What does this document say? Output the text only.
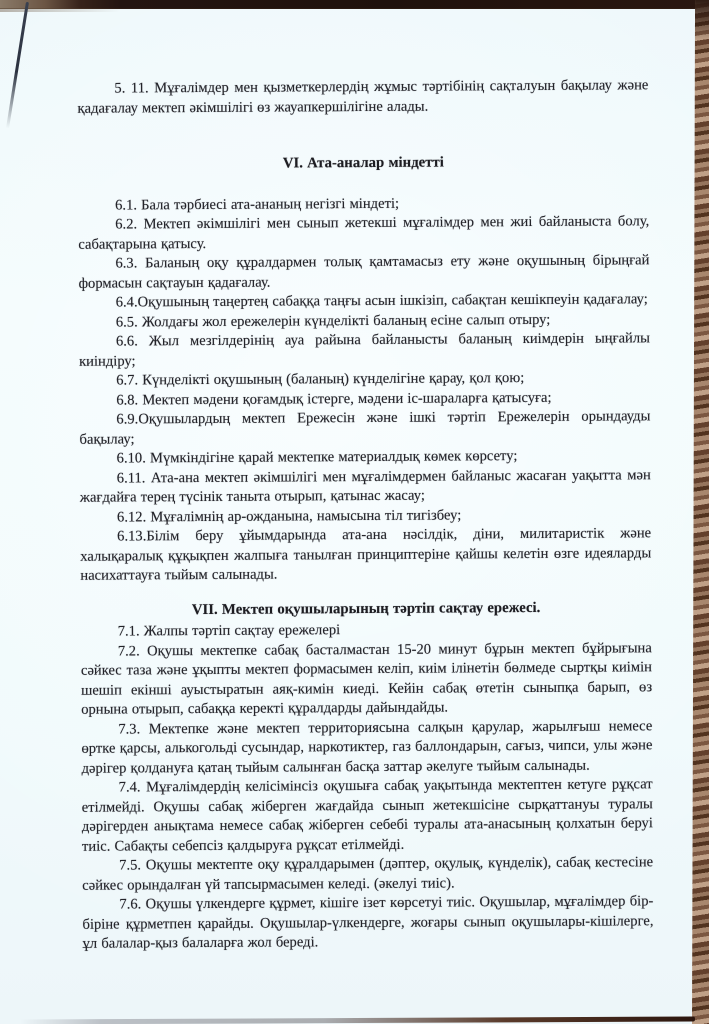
5. 11. Мұғалімдер мен қызметкерлердің жұмыс тәртібінің сақталуын бақылау және қадағалау мектеп әкімшілігі өз жауапкершілігіне алады.

VI. Ата-аналар міндетті

6.1. Бала тәрбиесі ата-ананың негізгі міндеті;

6.2. Мектеп әкімшілігі мен сынып жетекші мұғалімдер мен жиі байланыста болу, сабақтарына қатысу.

6.3. Баланың оқу құралдармен толық қамтамасыз ету және оқушының бірыңғай формасын сақтауын қадағалау.

6.4.Оқушының таңертең сабаққа таңғы асын ішкізіп, сабақтан кешікпеуін қадағалау;

6.5. Жолдағы жол ережелерін күнделікті баланың есіне салып отыру;

6.6. Жыл мезгілдерінің ауа райына байланысты баланың киімдерін ыңғайлы киіндіру;

6.7. Күнделікті оқушының (баланың) күнделігіне қарау, қол қою;

6.8. Мектеп мәдени қоғамдық істерге, мәдени іс-шараларға қатысуға;

6.9.Оқушылардың мектеп Ережесін және ішкі тәртіп Ережелерін орындауды бақылау;

6.10. Мүмкіндігіне қарай мектепке материалдық көмек көрсету;

6.11. Ата-ана мектеп әкімшілігі мен мұғалімдермен байланыс жасаған уақытта мән жағдайға терең түсінік таныта отырып, қатынас жасау;

6.12. Мұғалімнің ар-ожданына, намысына тіл тигізбеу;

6.13.Білім беру ұйымдарында ата-ана нәсілдік, діни, милитаристік және халықаралық құқықпен жалпыға танылған принциптеріне қайшы келетін өзге идеяларды насихаттауға тыйым салынады.

VII. Мектеп оқушыларының тәртіп сақтау ережесі.

7.1. Жалпы тәртіп сақтау ережелері

7.2. Оқушы мектепке сабақ басталмастан 15-20 минут бұрын мектеп бұйрығына сәйкес таза және ұқыпты мектеп формасымен келіп, киім ілінетін бөлмеде сыртқы киімін шешіп екінші ауыстыратын аяқ-кимін киеді. Кейін сабақ өтетін сыныпқа барып, өз орнына отырып, сабаққа керекті құралдарды дайындайды.

7.3. Мектепке және мектеп территориясына салқын қарулар, жарылғыш немесе өртке қарсы, алькогольді сусындар, наркотиктер, газ баллондарын, сағыз, чипси, улы және дәрігер қолдануға қатаң тыйым салынған басқа заттар әкелуге тыйым салынады.

7.4. Мұғалімдердің келісімінсіз оқушыға сабақ уақытында мектептен кетуге рұқсат етілмейді. Оқушы сабақ жіберген жағдайда сынып жетекшісіне сырқаттануы туралы дәрігерден анықтама немесе сабақ жіберген себебі туралы ата-анасының қолхатын беруі тиіс. Сабақты себепсіз қалдыруға рұқсат етілмейді.

7.5. Оқушы мектепте оқу құралдарымен (дәптер, оқулық, күнделік), сабақ кестесіне сәйкес орындалған үй тапсырмасымен келеді. (әкелуі тиіс).

7.6. Оқушы үлкендерге құрмет, кішіге ізет көрсетуі тиіс. Оқушылар, мұғалімдер бір-біріне құрметпен қарайды. Оқушылар-үлкендерге, жоғары сынып оқушылары-кішілерге, ұл балалар-қыз балаларға жол береді.
